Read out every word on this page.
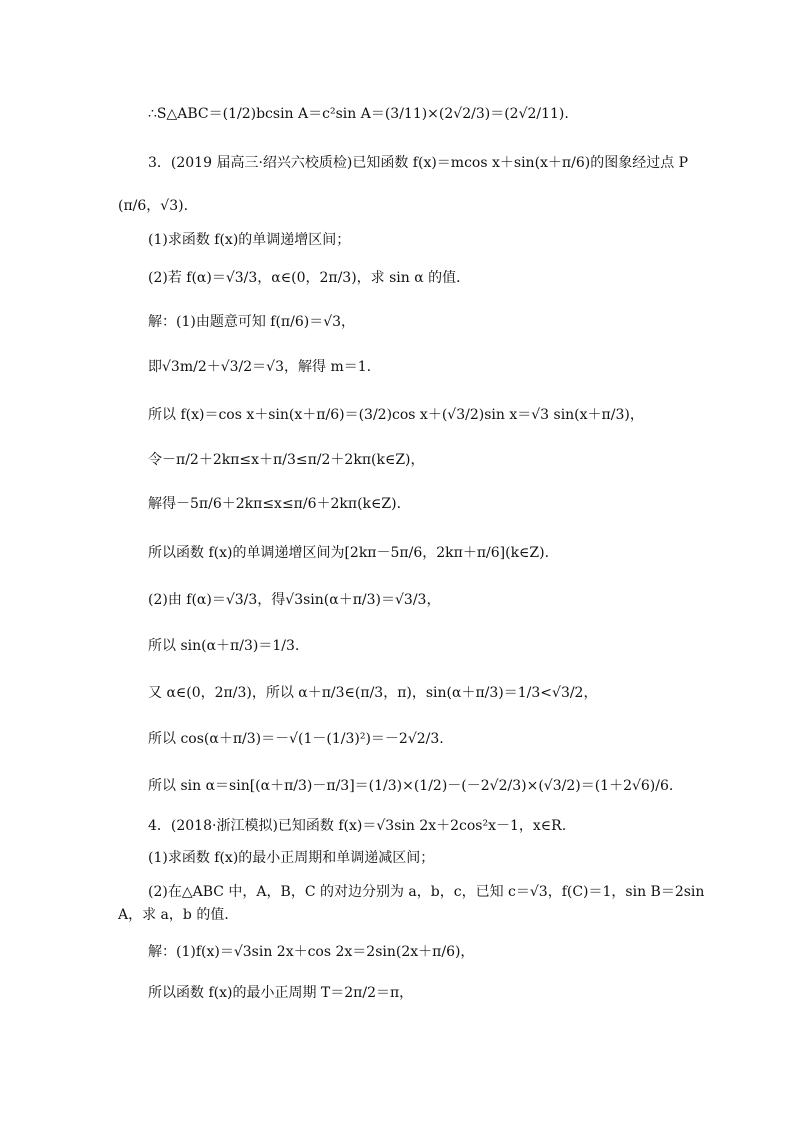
∴S△ABC＝(1/2)bcsin A＝c²sin A＝(3/11)×(2√2/3)＝(2√2/11).
3．(2019 届高三·绍兴六校质检)已知函数 f(x)＝mcos x＋sin(x＋π/6)的图象经过点 P
(π/6，√3).
(1)求函数 f(x)的单调递增区间；
(2)若 f(α)＝√3/3，α∈(0，2π/3)，求 sin α 的值．
解：(1)由题意可知 f(π/6)＝√3，
即√3m/2＋√3/2＝√3，解得 m＝1.
所以 f(x)＝cos x＋sin(x＋π/6)＝(3/2)cos x＋(√3/2)sin x＝√3 sin(x＋π/3)，
令－π/2＋2kπ≤x＋π/3≤π/2＋2kπ(k∈Z)，
解得－5π/6＋2kπ≤x≤π/6＋2kπ(k∈Z).
所以函数 f(x)的单调递增区间为[2kπ－5π/6，2kπ＋π/6](k∈Z).
(2)由 f(α)＝√3/3，得√3sin(α＋π/3)＝√3/3，
所以 sin(α＋π/3)＝1/3.
又 α∈(0，2π/3)，所以 α＋π/3∈(π/3，π)，sin(α＋π/3)＝1/3<√3/2，
所以 cos(α＋π/3)＝－√(1－(1/3)²)＝－2√2/3.
所以 sin α＝sin[(α＋π/3)－π/3]＝(1/3)×(1/2)－(－2√2/3)×(√3/2)＝(1＋2√6)/6.
4．(2018·浙江模拟)已知函数 f(x)＝√3sin 2x＋2cos²x－1，x∈R.
(1)求函数 f(x)的最小正周期和单调递减区间；
(2)在△ABC 中，A，B，C 的对边分别为 a，b，c，已知 c＝√3，f(C)＝1，sin B＝2sin
A，求 a，b 的值．
解：(1)f(x)＝√3sin 2x＋cos 2x＝2sin(2x＋π/6)，
所以函数 f(x)的最小正周期 T＝2π/2＝π，
